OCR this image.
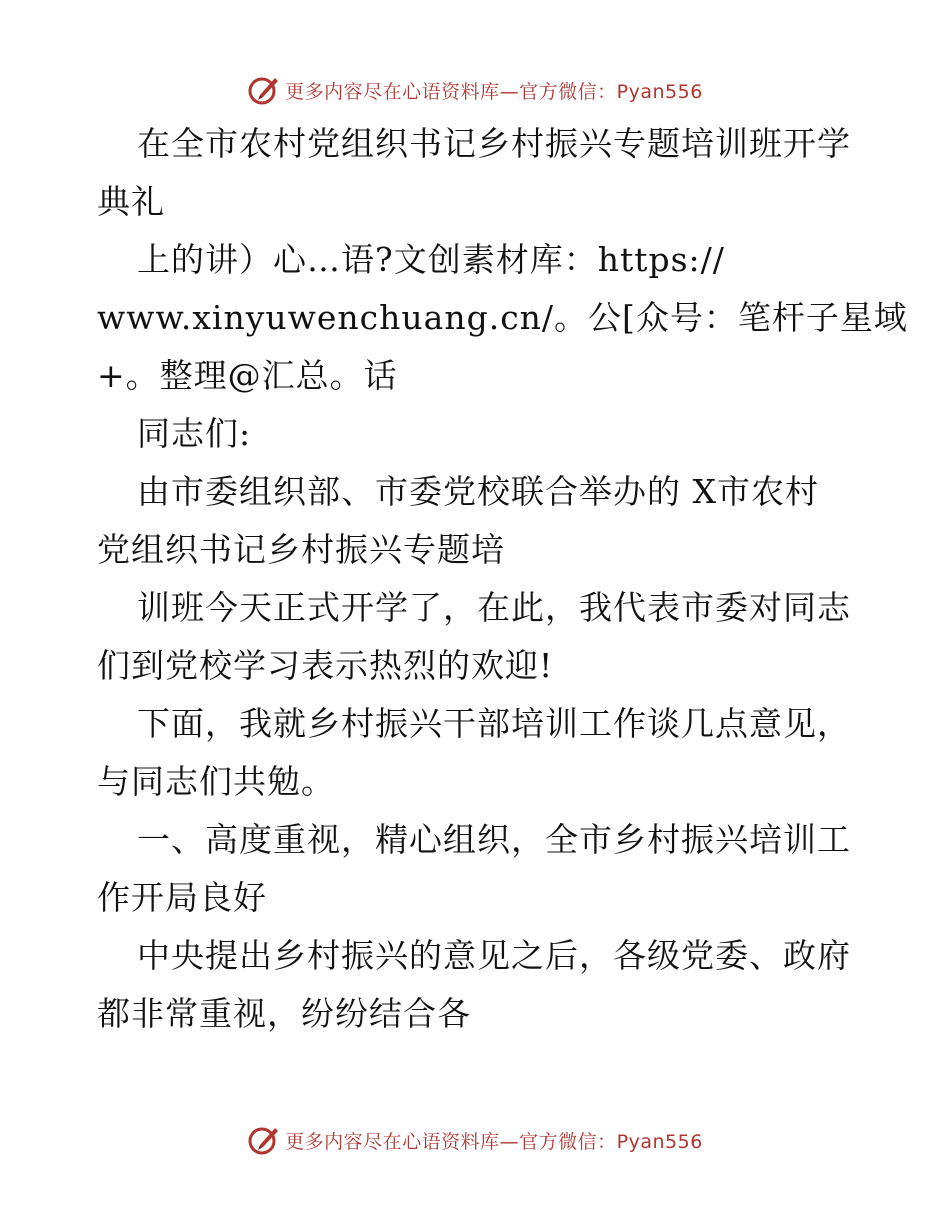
更多内容尽在心语资料库—官方微信：Pyan556

在全市农村党组织书记乡村振兴专题培训班开学

典礼

上的讲）心…语?文创素材库：https://

www.xinyuwenchuang.cn/。公[众号：笔杆子星域

+。整理@汇总。话

同志们:

由市委组织部、市委党校联合举办的 X市农村

党组织书记乡村振兴专题培

训班今天正式开学了，在此，我代表市委对同志

们到党校学习表示热烈的欢迎!

下面，我就乡村振兴干部培训工作谈几点意见，

与同志们共勉。

一、高度重视，精心组织，全市乡村振兴培训工

作开局良好

中央提出乡村振兴的意见之后，各级党委、政府

都非常重视，纷纷结合各

更多内容尽在心语资料库—官方微信：Pyan556
